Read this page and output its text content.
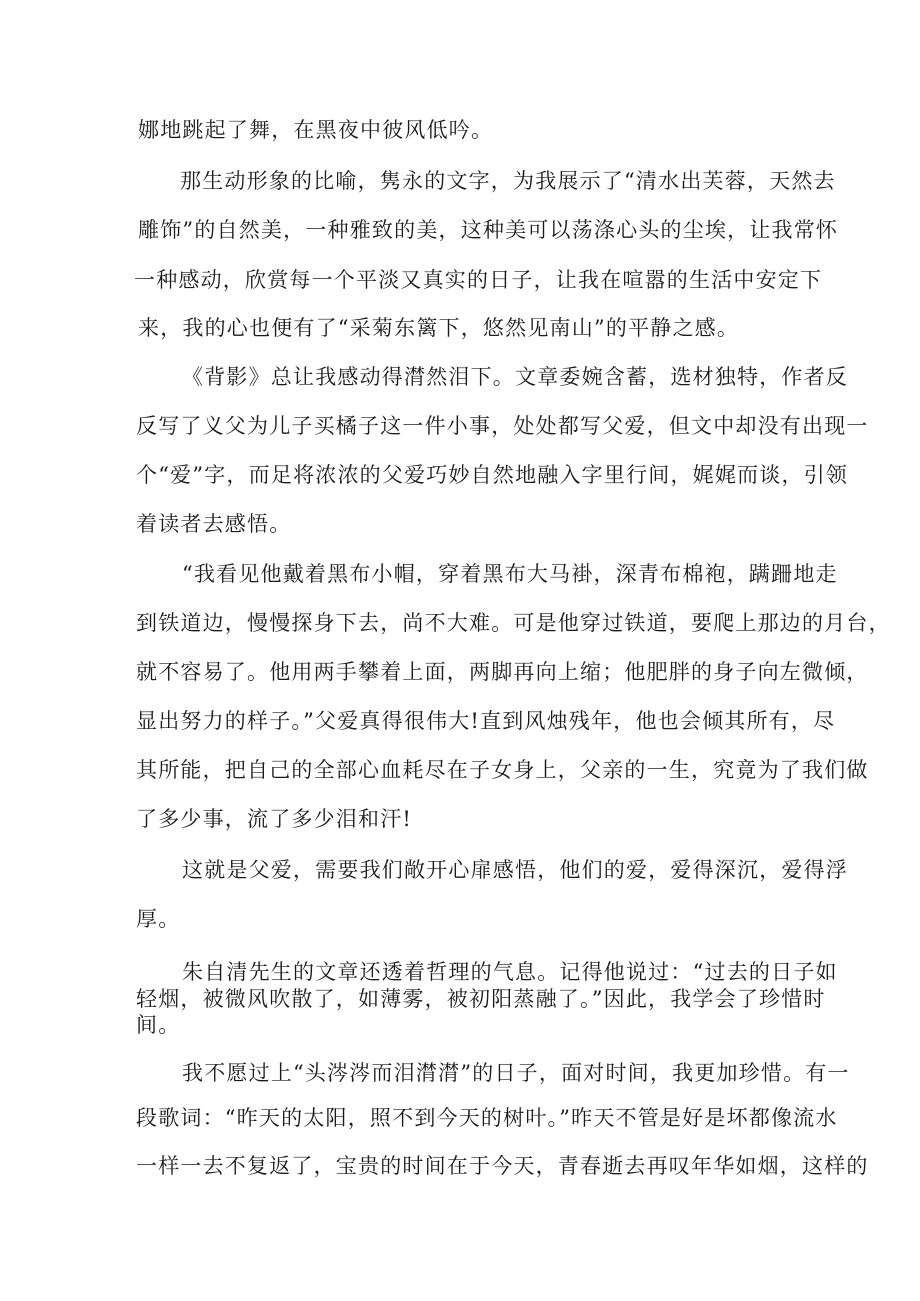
娜地跳起了舞，在黑夜中彼风低吟。
那生动形象的比喻，隽永的文字，为我展示了“清水出芙蓉，天然去
雕饰”的自然美，一种雅致的美，这种美可以荡涤心头的尘埃，让我常怀
一种感动，欣赏每一个平淡又真实的日子，让我在喧嚣的生活中安定下
来，我的心也便有了“采菊东篱下，悠然见南山”的平静之感。
《背影》总让我感动得潸然泪下。文章委婉含蓄，选材独特，作者反
反写了义父为儿子买橘子这一件小事，处处都写父爱，但文中却没有出现一
个“爱”字，而足将浓浓的父爱巧妙自然地融入字里行间，娓娓而谈，引领
着读者去感悟。
“我看见他戴着黑布小帽，穿着黑布大马褂，深青布棉袍，蹒跚地走
到铁道边，慢慢探身下去，尚不大难。可是他穿过铁道，要爬上那边的月台，
就不容易了。他用两手攀着上面，两脚再向上缩；他肥胖的身子向左微倾，
显出努力的样子。”父爱真得很伟大!直到风烛残年，他也会倾其所有，尽
其所能，把自己的全部心血耗尽在子女身上，父亲的一生，究竟为了我们做
了多少事，流了多少泪和汗!
这就是父爱，需要我们敞开心扉感悟，他们的爱，爱得深沉，爱得浮
厚。
朱自清先生的文章还透着哲理的气息。记得他说过：“过去的日子如
轻烟，被微风吹散了，如薄雾，被初阳蒸融了。”因此，我学会了珍惜时
间。
我不愿过上“头涔涔而泪潸潸”的日子，面对时间，我更加珍惜。有一
段歌词：“昨天的太阳，照不到今天的树叶。”昨天不管是好是坏都像流水
一样一去不复返了，宝贵的时间在于今天，青春逝去再叹年华如烟，这样的
